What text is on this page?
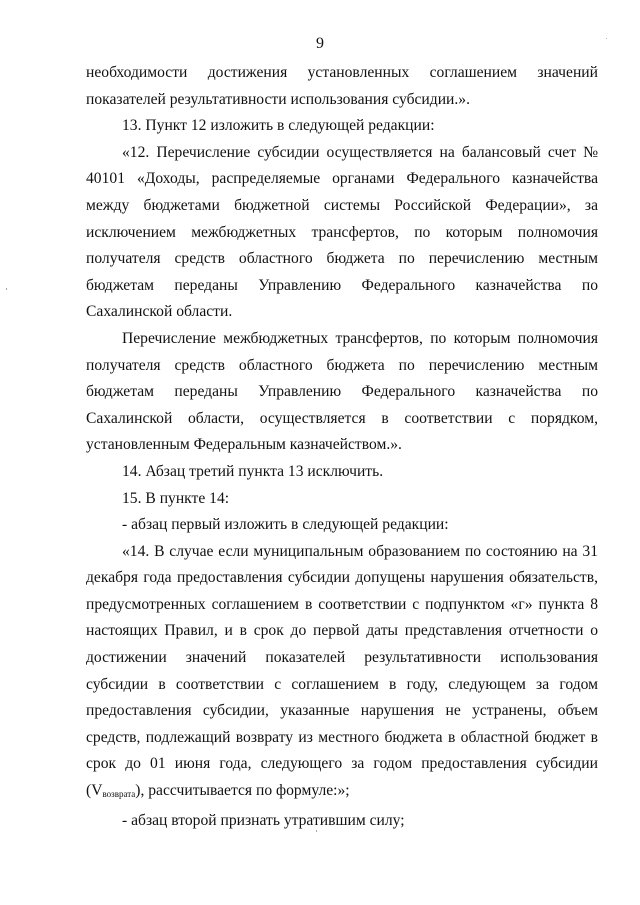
9

необходимости достижения установленных соглашением значений показателей результативности использования субсидии.».

13. Пункт 12 изложить в следующей редакции:

«12. Перечисление субсидии осуществляется на балансовый счет № 40101 «Доходы, распределяемые органами Федерального казначейства между бюджетами бюджетной системы Российской Федерации», за исключением межбюджетных трансфертов, по которым полномочия получателя средств областного бюджета по перечислению местным бюджетам переданы Управлению Федерального казначейства по Сахалинской области.

Перечисление межбюджетных трансфертов, по которым полномочия получателя средств областного бюджета по перечислению местным бюджетам переданы Управлению Федерального казначейства по Сахалинской области, осуществляется в соответствии с порядком, установленным Федеральным казначейством.».

14. Абзац третий пункта 13 исключить.

15. В пункте 14:

- абзац первый изложить в следующей редакции:

«14. В случае если муниципальным образованием по состоянию на 31 декабря года предоставления субсидии допущены нарушения обязательств, предусмотренных соглашением в соответствии с подпунктом «г» пункта 8 настоящих Правил, и в срок до первой даты представления отчетности о достижении значений показателей результативности использования субсидии в соответствии с соглашением в году, следующем за годом предоставления субсидии, указанные нарушения не устранены, объем средств, подлежащий возврату из местного бюджета в областной бюджет в срок до 01 июня года, следующего за годом предоставления субсидии $(V_{возврата})$, рассчитывается по формуле:»;

- абзац второй признать утратившим силу;
